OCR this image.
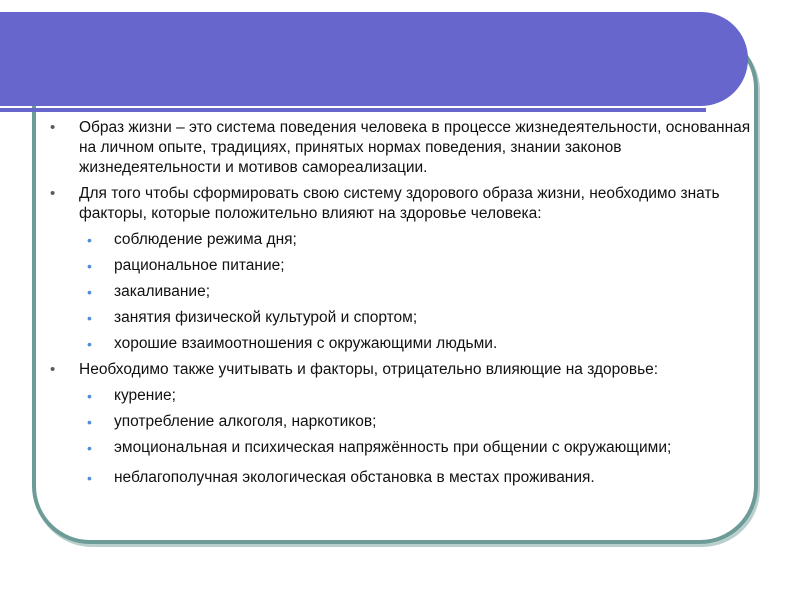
• Образ жизни – это система поведения человека в процессе жизнедеятельности, основанная на личном опыте, традициях, принятых нормах поведения, знании законов жизнедеятельности и мотивов самореализации.
• Для того чтобы сформировать свою систему здорового образа жизни, необходимо знать факторы, которые положительно влияют на здоровье человека:
• соблюдение режима дня;
• рациональное питание;
• закаливание;
• занятия физической культурой и спортом;
• хорошие взаимоотношения с окружающими людьми.
• Необходимо также учитывать и факторы, отрицательно влияющие на здоровье:
• курение;
• употребление алкоголя, наркотиков;
• эмоциональная и психическая напряжённость при общении с окружающими;
• неблагополучная экологическая обстановка в местах проживания.
